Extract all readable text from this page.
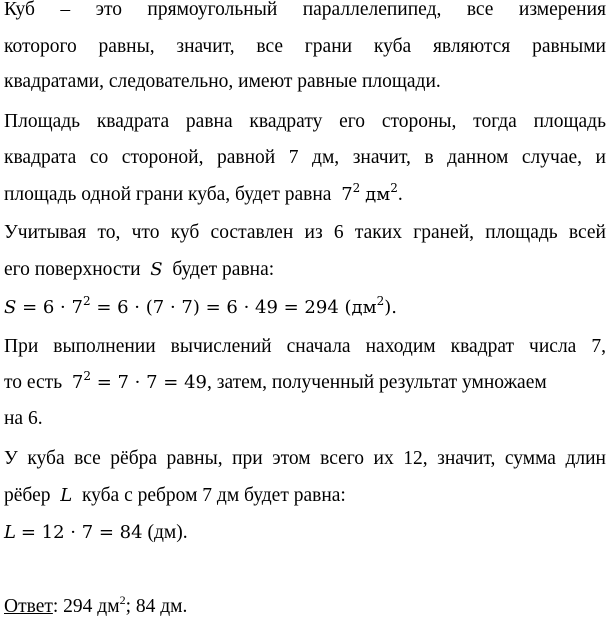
Куб – это прямоугольный параллелепипед, все измерения
которого равны, значит, все грани куба являются равными
квадратами, следовательно, имеют равные площади.
Площадь квадрата равна квадрату его стороны, тогда площадь
квадрата со стороной, равной 7 дм, значит, в данном случае, и
площадь одной грани куба, будет равна $7^2$ $дм^2$.
Учитывая то, что куб составлен из 6 таких граней, площадь всей
его поверхности S будет равна:
$S = 6 \cdot 7^2 = 6 \cdot (7 \cdot 7) = 6 \cdot 49 = 294$ $(дм^2)$.
При выполнении вычислений сначала находим квадрат числа 7,
то есть $7^2 = 7 \cdot 7 = 49$, затем, полученный результат умножаем
на 6.
У куба все рёбра равны, при этом всего их 12, значит, сумма длин
рёбер L куба с ребром 7 дм будет равна:
L = 12 · 7 = 84 (дм).
Ответ: 294 $дм^2$; 84 дм.
